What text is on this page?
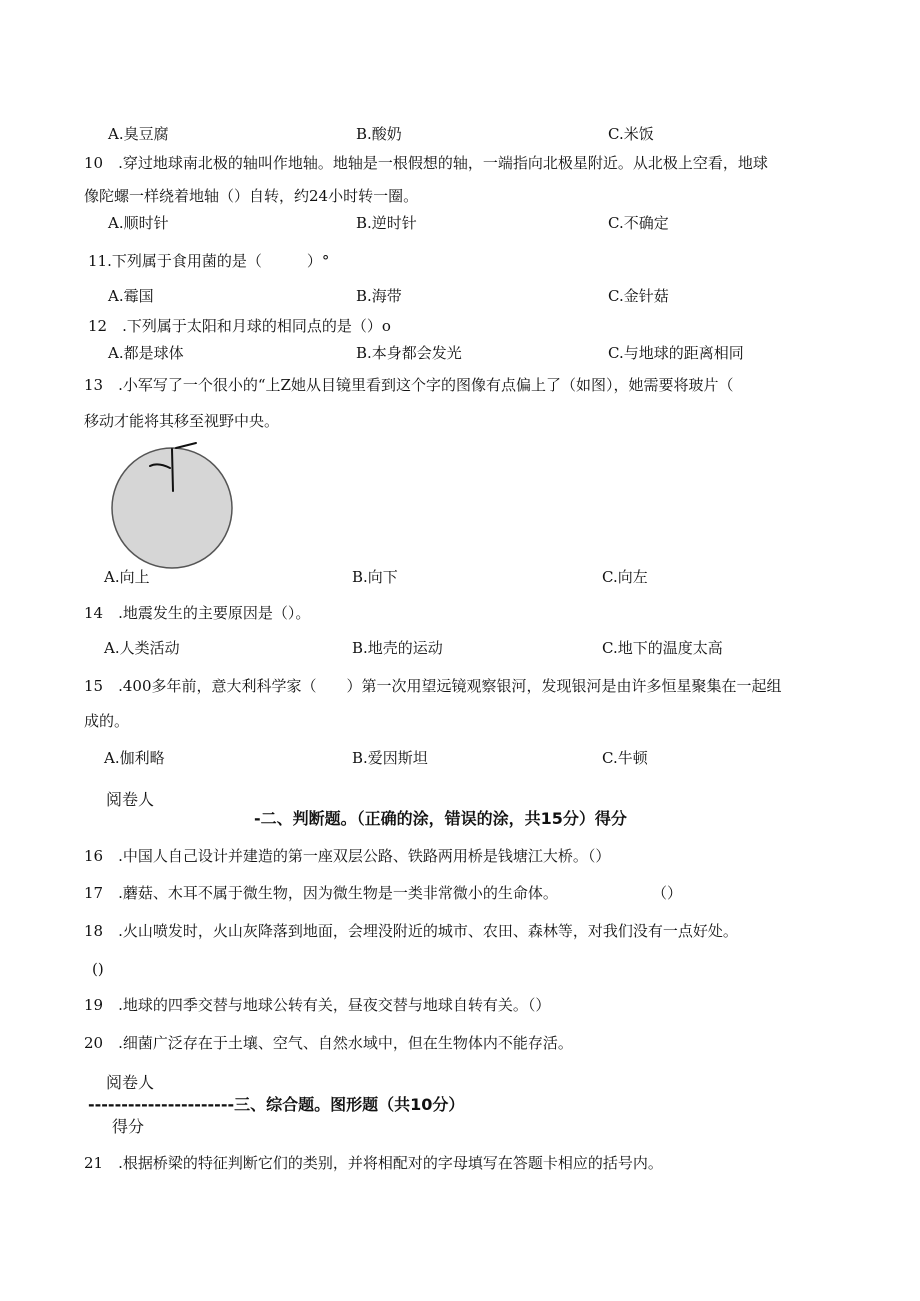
A.臭豆腐	B.酸奶	C.米饭
10　.穿过地球南北极的轴叫作地轴。地轴是一根假想的轴，一端指向北极星附近。从北极上空看，地球
像陀螺一样绕着地轴（）自转，约24小时转一圈。
A.顺时针	B.逆时针	C.不确定
11.下列属于食用菌的是（　　　）°
A.霉国	B.海带	C.金针菇
12　.下列属于太阳和月球的相同点的是（）o
A.都是球体	B.本身都会发光	C.与地球的距离相同
13　.小军写了一个很小的“上Z她从目镜里看到这个字的图像有点偏上了（如图），她需要将玻片（
移动才能将其移至视野中央。
A.向上	B.向下	C.向左
14　.地震发生的主要原因是（）。
A.人类活动	B.地壳的运动	C.地下的温度太高
15　.400多年前，意大利科学家（　　）第一次用望远镜观察银河，发现银河是由许多恒星聚集在一起组
成的。
A.伽利略	B.爱因斯坦	C.牛顿
阅卷人
-二、判断题。（正确的涂，错误的涂，共15分）得分
16　.中国人自己设计并建造的第一座双层公路、铁路两用桥是钱塘江大桥。（）
17　.蘑菇、木耳不属于微生物，因为微生物是一类非常微小的生命体。	（）
18　.火山喷发时，火山灰降落到地面，会埋没附近的城市、农田、森林等，对我们没有一点好处。
()
19　.地球的四季交替与地球公转有关，昼夜交替与地球自转有关。（）
20　.细菌广泛存在于土壤、空气、自然水域中，但在生物体内不能存活。
阅卷人
----------------------三、综合题。图形题（共10分）
得分
21　.根据桥梁的特征判断它们的类别，并将相配对的字母填写在答题卡相应的括号内。
